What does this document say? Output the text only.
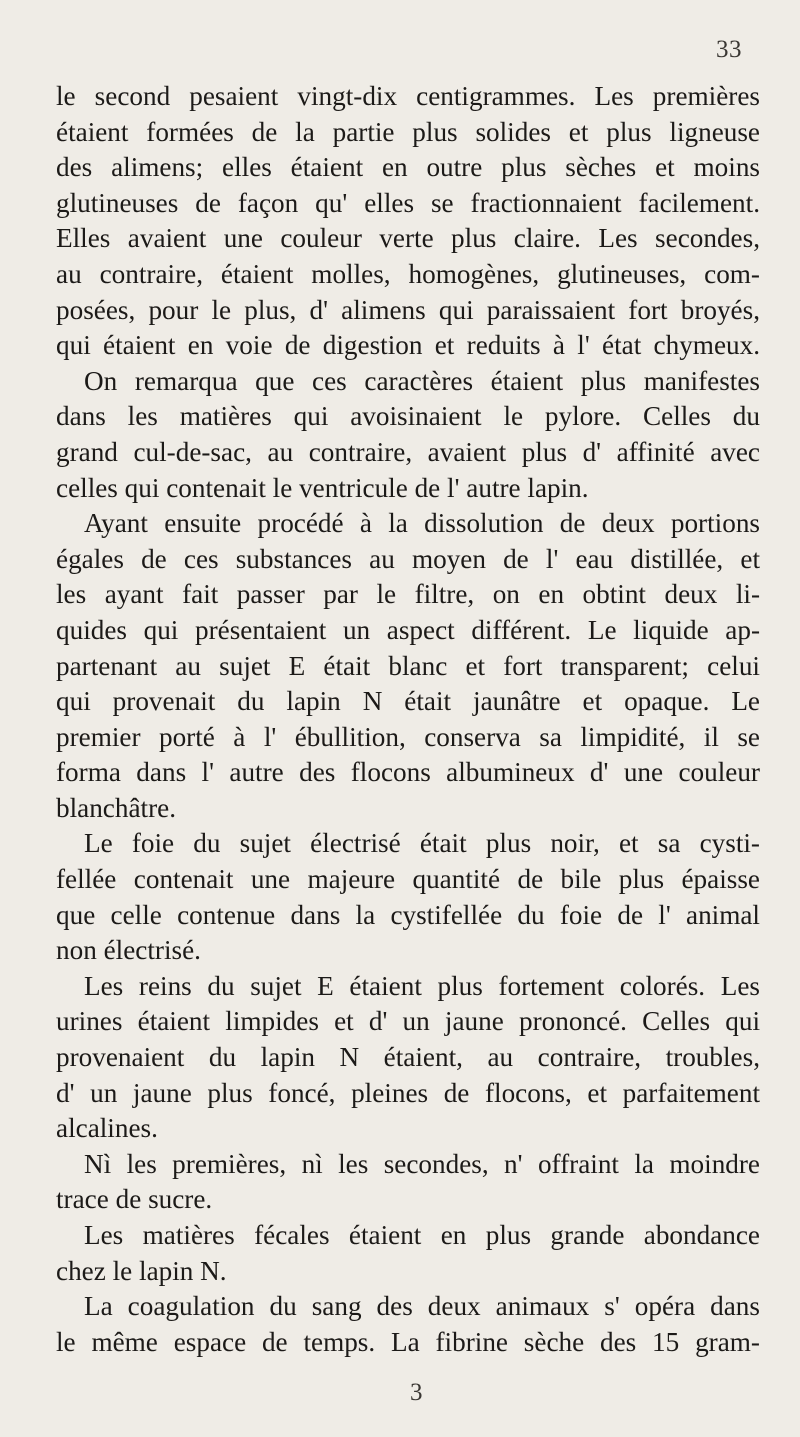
33
le second pesaient vingt-dix centigrammes. Les premières
étaient formées de la partie plus solides et plus ligneuse
des alimens; elles étaient en outre plus sèches et moins
glutineuses de façon qu' elles se fractionnaient facilement.
Elles avaient une couleur verte plus claire. Les secondes,
au contraire, étaient molles, homogènes, glutineuses, com-
posées, pour le plus, d' alimens qui paraissaient fort broyés,
qui étaient en voie de digestion et reduits à l' état chymeux.
On remarqua que ces caractères étaient plus manifestes
dans les matières qui avoisinaient le pylore. Celles du
grand cul-de-sac, au contraire, avaient plus d' affinité avec
celles qui contenait le ventricule de l' autre lapin.
Ayant ensuite procédé à la dissolution de deux portions
égales de ces substances au moyen de l' eau distillée, et
les ayant fait passer par le filtre, on en obtint deux li-
quides qui présentaient un aspect différent. Le liquide ap-
partenant au sujet E était blanc et fort transparent; celui
qui provenait du lapin N était jaunâtre et opaque. Le
premier porté à l' ébullition, conserva sa limpidité, il se
forma dans l' autre des flocons albumineux d' une couleur
blanchâtre.
Le foie du sujet électrisé était plus noir, et sa cysti-
fellée contenait une majeure quantité de bile plus épaisse
que celle contenue dans la cystifellée du foie de l' animal
non électrisé.
Les reins du sujet E étaient plus fortement colorés. Les
urines étaient limpides et d' un jaune prononcé. Celles qui
provenaient du lapin N étaient, au contraire, troubles,
d' un jaune plus foncé, pleines de flocons, et parfaitement
alcalines.
Nì les premières, nì les secondes, n' offraint la moindre
trace de sucre.
Les matières fécales étaient en plus grande abondance
chez le lapin N.
La coagulation du sang des deux animaux s' opéra dans
le même espace de temps. La fibrine sèche des 15 gram-
3
